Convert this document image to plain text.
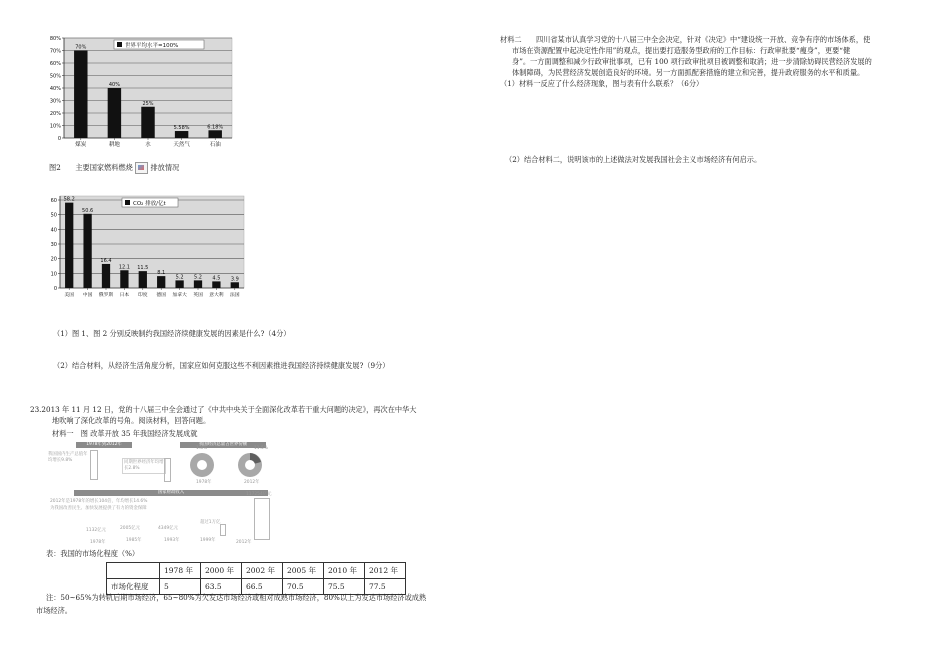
0
10%
20%
30%
40%
50%
60%
70%
80%
世界平均水平=100%
70%
煤炭
40%
耕地
25%
水
5.58%
天然气
6.18%
石油
图2 主要国家燃料燃烧 排放情况
0
10
20
30
40
50
60	CO₂ 排放/亿t
58.2
美国
50.6
中国
16.4
俄罗斯
12.1
日本
11.5
印度
8.1
德国
5.2
加拿大
5.2
英国
4.5
意大利
3.9
法国
（1）图 1、图 2 分别反映制约我国经济续健康发展的因素是什么?（4分）
（2）结合材料，从经济生活角度分析，国家应如何克服这些不利因素推进我国经济持续健康发展?（9分）
23.2013 年 11 月 12 日，党的十八届三中全会通过了《中共中央关于全面深化改革若干重大问题的决定》，再次在中华大
地吹响了深化改革的号角。阅读材料，回答问题。
材料一　图 改革开放 35 年我国经济发展成就
1978年到2012年	我国经济总量占世界份额
我国国内生产总值年均增长9.8%	同期世界经济年均增长2.8%
1.8%	11.5%
1978年	2012年
国家财政收入
2012年是1978年的增长104倍，年均增长14.6%
为我国改善民生、加快发展提供了有力的资金保障
117254亿元
1132亿元	2005亿元	4349亿元
超过1万亿
1978年	1985年	1993年	1999年	2012年
表：我国的市场化程度（%）
	1978 年	2000 年	2002 年	2005 年	2010 年	2012 年
市场化程度	5	63.5	66.5	70.5	75.5	77.5
注：50~65%为转轨后期市场经济，65~80%为欠发达市场经济或相对成熟市场经济，80%以上为发达市场经济或成熟
市场经济。
材料二　　四川省某市认真学习党的十八届三中全会决定，针对《决定》中“建设统一开放、竞争有序的市场体系，使
市场在资源配置中起决定性作用”的观点，提出要打造服务型政府的工作目标：行政审批要“瘦身”，更要“健
身”。一方面调整和减少行政审批事项，已有 100 项行政审批项目被调整和取消；进一步清除妨碍民营经济发展的
体制障碍，为民营经济发展创造良好的环境。另一方面抓配套措施的建立和完善，提升政府服务的水平和质量。
（1）材料一反应了什么经济现象，图与表有什么联系？（6分）
（2）结合材料二，说明该市的上述做法对发展我国社会主义市场经济有何启示。
